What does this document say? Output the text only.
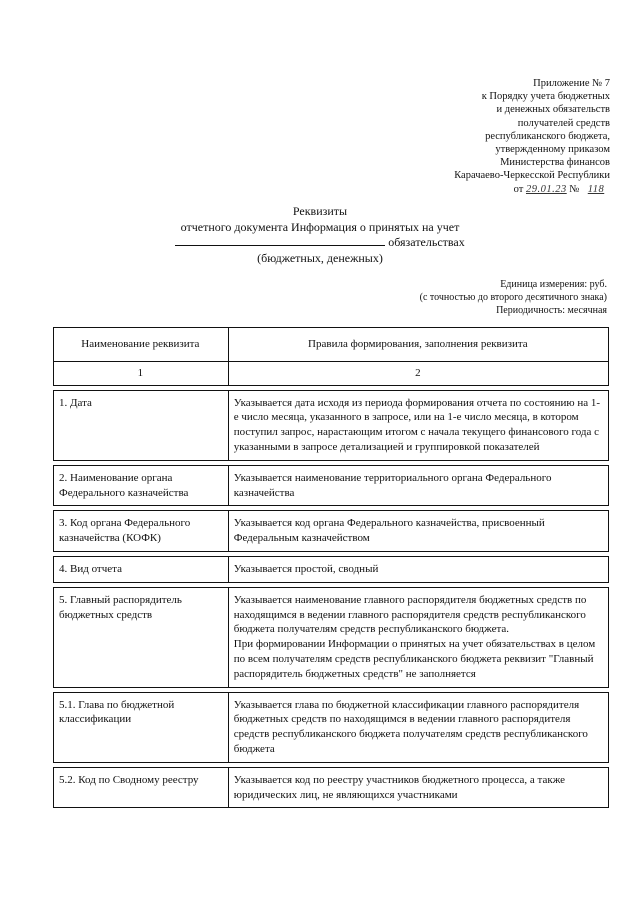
Приложение № 7
к Порядку учета бюджетных
и денежных обязательств
получателей средств
республиканского бюджета,
утвержденному приказом
Министерства финансов
Карачаево-Черкесской Республики
от 29.01.23 № 118
Реквизиты
отчетного документа Информация о принятых на учет
обязательствах
(бюджетных, денежных)
Единица измерения: руб.
(с точностью до второго десятичного знака)
Периодичность: месячная
Наименование реквизита	Правила формирования, заполнения реквизита
1	2

1. Дата	Указывается дата исходя из периода формирования отчета по состоянию на 1-е число месяца, указанного в запросе, или на 1-е число месяца, в котором поступил запрос, нарастающим итогом с начала текущего финансового года с указанными в запросе детализацией и группировкой показателей

2. Наименование органа Федерального казначейства	Указывается наименование территориального органа Федерального казначейства

3. Код органа Федерального казначейства (КОФК)	Указывается код органа Федерального казначейства, присвоенный Федеральным казначейством

4. Вид отчета	Указывается простой, сводный

5. Главный распорядитель бюджетных средств	Указывается наименование главного распорядителя бюджетных средств по находящимся в ведении главного распорядителя средств республиканского бюджета получателям средств республиканского бюджета.
При формировании Информации о принятых на учет обязательствах в целом по всем получателям средств республиканского бюджета реквизит "Главный распорядитель бюджетных средств" не заполняется

5.1. Глава по бюджетной классификации	Указывается глава по бюджетной классификации главного распорядителя бюджетных средств по находящимся в ведении главного распорядителя средств республиканского бюджета получателям средств республиканского бюджета

5.2. Код по Сводному реестру	Указывается код по реестру участников бюджетного процесса, а также юридических лиц, не являющихся участниками
